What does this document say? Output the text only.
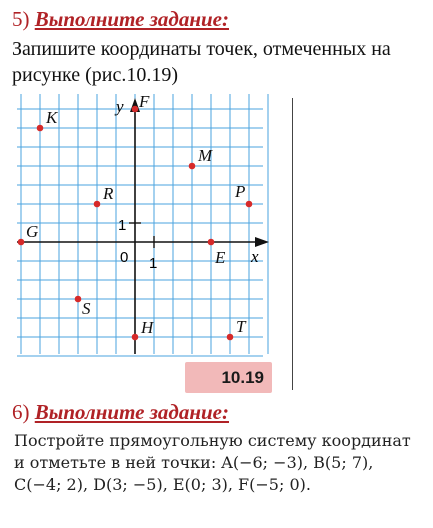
5) Выполните задание:
Запишите координаты точек, отмеченных на рисунке (рис.10.19)
x
y
0 1
1
K
F
M
R	P
G
E
S
H	T
10.19
6) Выполните задание:

Постройте прямоугольную систему координат

и отметьте в ней точки: A(−6; −3), B(5; 7),

C(−4; 2), D(3; −5), E(0; 3), F(−5; 0).
